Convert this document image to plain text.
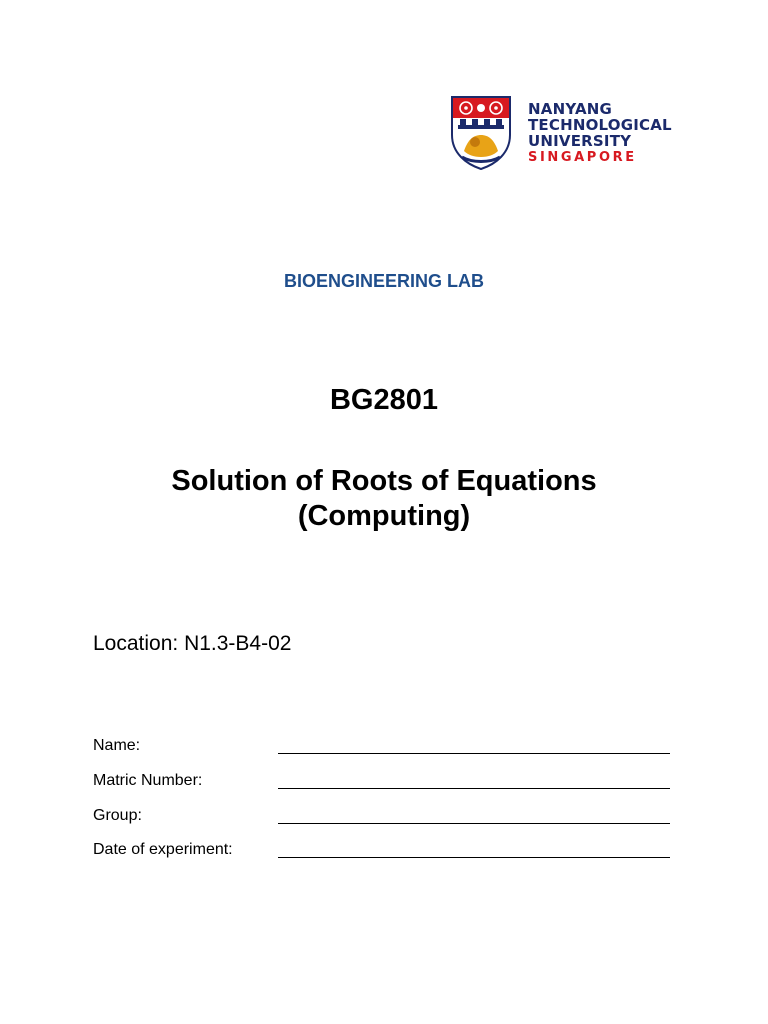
NANYANG
TECHNOLOGICAL
UNIVERSITY
SINGAPORE
BIOENGINEERING LAB
BG2801
Solution of Roots of Equations
(Computing)
Location: N1.3-B4-02
Name:
Matric Number:
Group:
Date of experiment:
